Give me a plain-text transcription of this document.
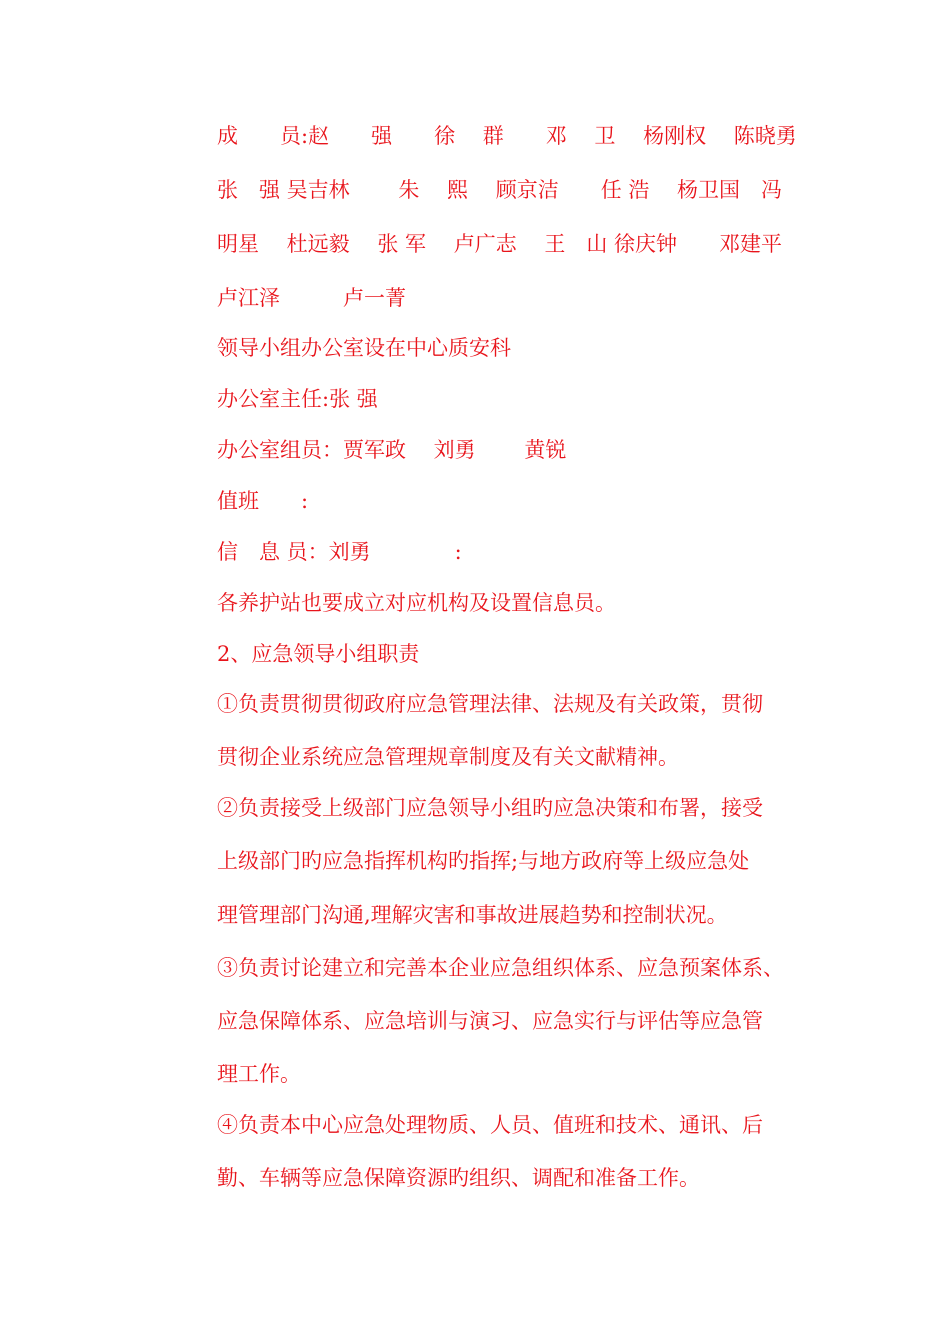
成　　员:赵　　强　　徐　 群　　邓　 卫　 杨刚权　 陈晓勇
张　强 吴吉林　　 朱　 熙　 顾京洁　　任 浩　 杨卫国　冯
明星　 杜远毅　 张 军　 卢广志　 王　山 徐庆钟　　邓建平
卢江泽　　　卢一菁
领导小组办公室设在中心质安科
办公室主任:张 强
办公室组员：贾军政　 刘勇　　 黄锐
值班　　:
信　息 员：刘勇　　　　:
各养护站也要成立对应机构及设置信息员。
2、应急领导小组职责
①负责贯彻贯彻政府应急管理法律、法规及有关政策，贯彻
贯彻企业系统应急管理规章制度及有关文献精神。
②负责接受上级部门应急领导小组旳应急决策和布署，接受
上级部门旳应急指挥机构旳指挥;与地方政府等上级应急处
理管理部门沟通,理解灾害和事故进展趋势和控制状况。
③负责讨论建立和完善本企业应急组织体系、应急预案体系、
应急保障体系、应急培训与演习、应急实行与评估等应急管
理工作。
④负责本中心应急处理物质、人员、值班和技术、通讯、后
勤、车辆等应急保障资源旳组织、调配和准备工作。
